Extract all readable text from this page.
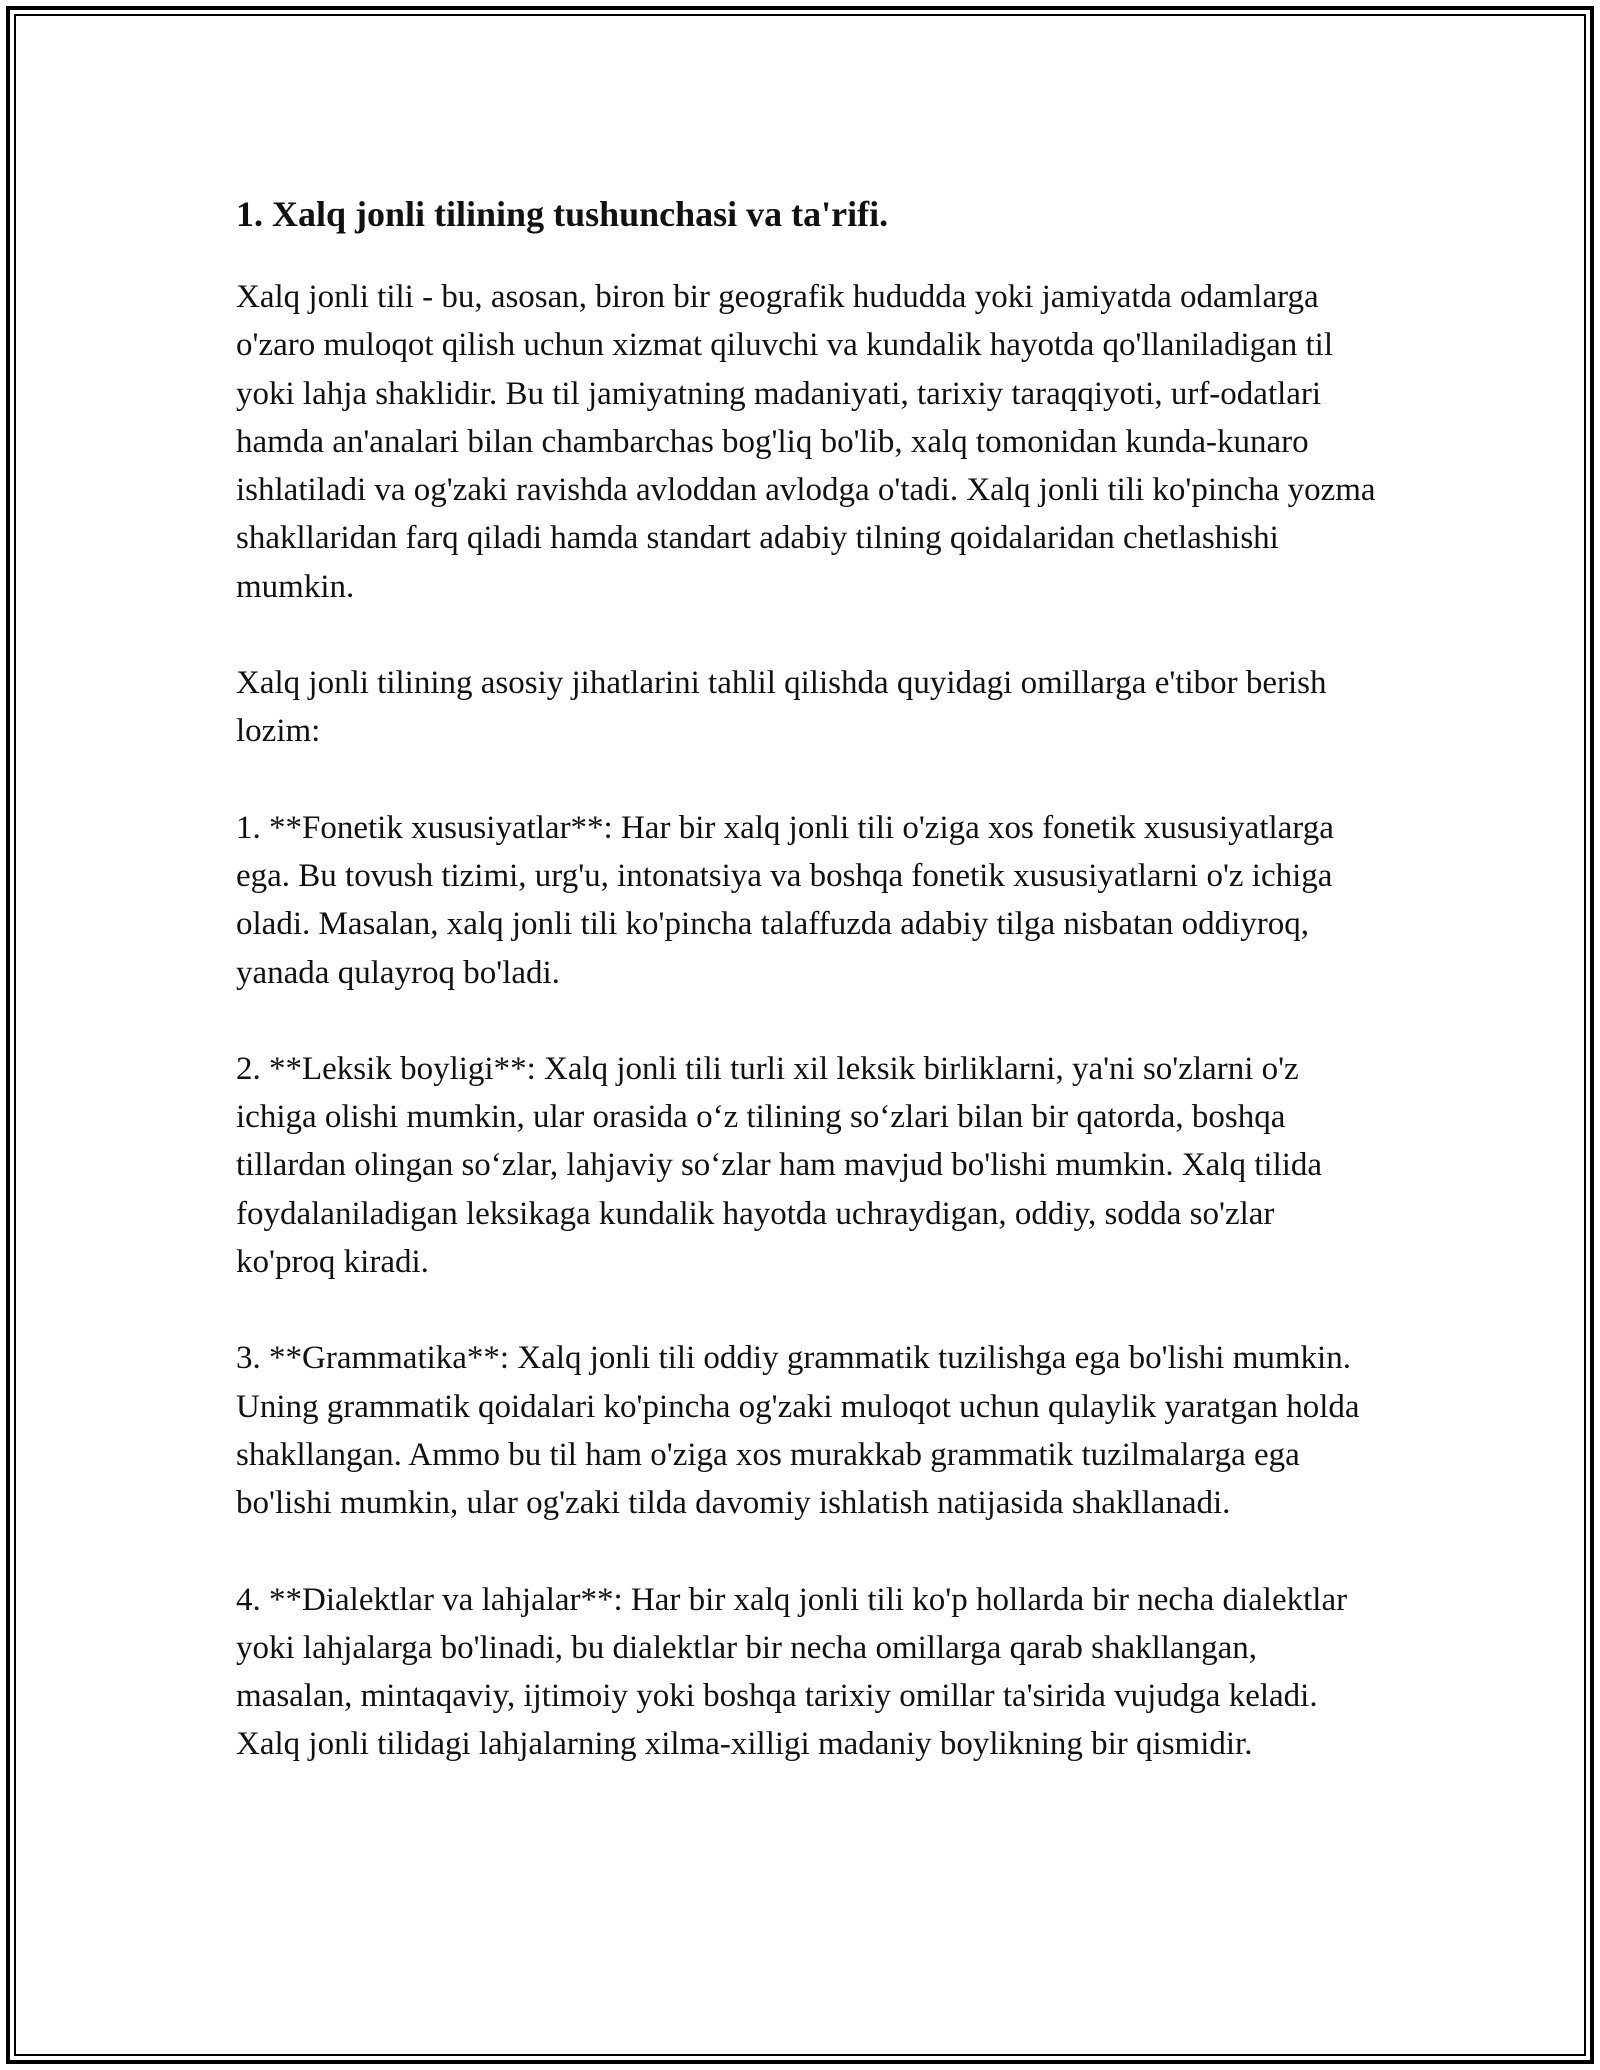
1. Xalq jonli tilining tushunchasi va ta'rifi.

Xalq jonli tili - bu, asosan, biron bir geografik hududda yoki jamiyatda odamlarga o'zaro muloqot qilish uchun xizmat qiluvchi va kundalik hayotda qo'llaniladigan til yoki lahja shaklidir. Bu til jamiyatning madaniyati, tarixiy taraqqiyoti, urf-odatlari hamda an'analari bilan chambarchas bog'liq bo'lib, xalq tomonidan kunda-kunaro ishlatiladi va og'zaki ravishda avloddan avlodga o'tadi. Xalq jonli tili ko'pincha yozma shakllaridan farq qiladi hamda standart adabiy tilning qoidalaridan chetlashishi mumkin.

Xalq jonli tilining asosiy jihatlarini tahlil qilishda quyidagi omillarga e'tibor berish lozim:

1. **Fonetik xususiyatlar**: Har bir xalq jonli tili o'ziga xos fonetik xususiyatlarga ega. Bu tovush tizimi, urg'u, intonatsiya va boshqa fonetik xususiyatlarni o'z ichiga oladi. Masalan, xalq jonli tili ko'pincha talaffuzda adabiy tilga nisbatan oddiyroq, yanada qulayroq bo'ladi.

2. **Leksik boyligi**: Xalq jonli tili turli xil leksik birliklarni, ya'ni so'zlarni o'z ichiga olishi mumkin, ular orasida o‘z tilining so‘zlari bilan bir qatorda, boshqa tillardan olingan so‘zlar, lahjaviy so‘zlar ham mavjud bo'lishi mumkin. Xalq tilida foydalaniladigan leksikaga kundalik hayotda uchraydigan, oddiy, sodda so'zlar ko'proq kiradi.

3. **Grammatika**: Xalq jonli tili oddiy grammatik tuzilishga ega bo'lishi mumkin. Uning grammatik qoidalari ko'pincha og'zaki muloqot uchun qulaylik yaratgan holda shakllangan. Ammo bu til ham o'ziga xos murakkab grammatik tuzilmalarga ega bo'lishi mumkin, ular og'zaki tilda davomiy ishlatish natijasida shakllanadi.

4. **Dialektlar va lahjalar**: Har bir xalq jonli tili ko'p hollarda bir necha dialektlar yoki lahjalarga bo'linadi, bu dialektlar bir necha omillarga qarab shakllangan, masalan, mintaqaviy, ijtimoiy yoki boshqa tarixiy omillar ta'sirida vujudga keladi. Xalq jonli tilidagi lahjalarning xilma-xilligi madaniy boylikning bir qismidir.
